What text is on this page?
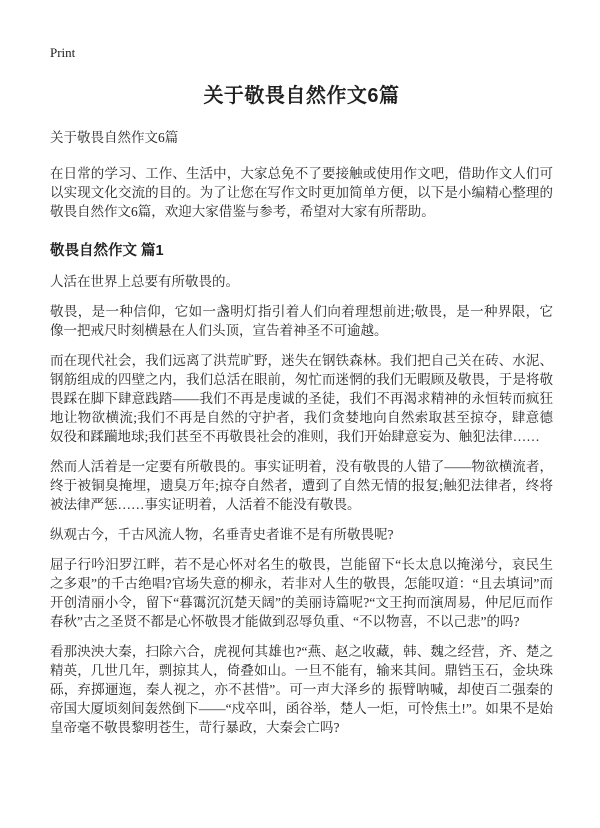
Print
关于敬畏自然作文6篇

关于敬畏自然作文6篇

在日常的学习、工作、生活中，大家总免不了要接触或使用作文吧，借助作文人们可以实现文化交流的目的。为了让您在写作文时更加简单方便，以下是小编精心整理的敬畏自然作文6篇，欢迎大家借鉴与参考，希望对大家有所帮助。

敬畏自然作文 篇1

人活在世界上总要有所敬畏的。

敬畏，是一种信仰，它如一盏明灯指引着人们向着理想前进;敬畏，是一种界限，它像一把戒尺时刻横悬在人们头顶，宣告着神圣不可逾越。

而在现代社会，我们远离了洪荒旷野，迷失在钢铁森林。我们把自己关在砖、水泥、钢筋组成的四壁之内，我们总活在眼前，匆忙而迷惘的我们无暇顾及敬畏，于是将敬畏踩在脚下肆意践踏——我们不再是虔诚的圣徒，我们不再渴求精神的永恒转而疯狂地让物欲横流;我们不再是自然的守护者，我们贪婪地向自然索取甚至掠夺，肆意德奴役和蹂躏地球;我们甚至不再敬畏社会的准则，我们开始肆意妄为、触犯法律……

然而人活着是一定要有所敬畏的。事实证明着，没有敬畏的人错了——物欲横流者，终于被铜臭掩埋，遗臭万年;掠夺自然者，遭到了自然无情的报复;触犯法律者，终将被法律严惩……事实证明着，人活着不能没有敬畏。

纵观古今，千古风流人物，名垂青史者谁不是有所敬畏呢?

屈子行吟汨罗江畔，若不是心怀对名生的敬畏，岂能留下“长太息以掩涕兮，哀民生之多艰”的千古绝唱?官场失意的柳永，若非对人生的敬畏，怎能叹道：“且去填词”而开创清丽小令，留下“暮霭沉沉楚天阔”的美丽诗篇呢?“文王拘而演周易，仲尼厄而作春秋”古之圣贤不都是心怀敬畏才能做到忍辱负重、“不以物喜，不以己悲”的吗?

看那泱泱大秦，扫除六合，虎视何其雄也?“燕、赵之收藏，韩、魏之经营，齐、楚之精英，几世几年，剽掠其人，倚叠如山。一旦不能有，输来其间。鼎铛玉石，金块珠砾，弃掷逦迤，秦人视之，亦不甚惜”。可一声大泽乡的 振臂呐喊，却使百二强秦的帝国大厦顷刻间轰然倒下——“戍卒叫，函谷举，楚人一炬，可怜焦土!”。如果不是始皇帝毫不敬畏黎明苍生，苛行暴政，大秦会亡吗?
